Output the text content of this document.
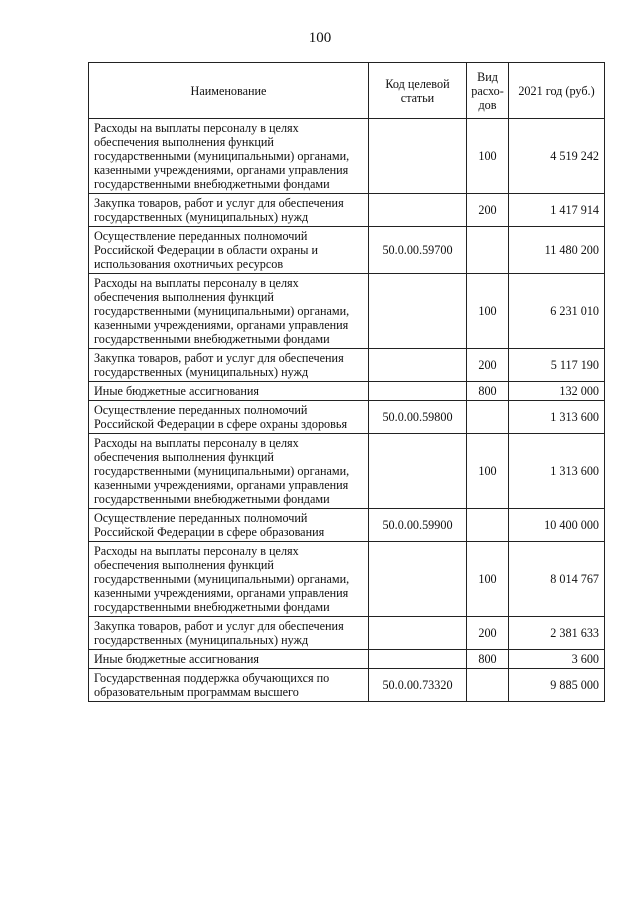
100
Наименование	Код целевой статьи	Вид расхо- дов	2021 год (руб.)
Расходы на выплаты персоналу в целях обеспечения выполнения функций государственными (муниципальными) органами, казенными учреждениями, органами управления государственными внебюджетными фондами		100	4 519 242
Закупка товаров, работ и услуг для обеспечения государственных (муниципальных) нужд		200	1 417 914
Осуществление переданных полномочий Российской Федерации в области охраны и использования охотничьих ресурсов	50.0.00.59700		11 480 200
Расходы на выплаты персоналу в целях обеспечения выполнения функций государственными (муниципальными) органами, казенными учреждениями, органами управления государственными внебюджетными фондами		100	6 231 010
Закупка товаров, работ и услуг для обеспечения государственных (муниципальных) нужд		200	5 117 190
Иные бюджетные ассигнования		800	132 000
Осуществление переданных полномочий Российской Федерации в сфере охраны здоровья	50.0.00.59800		1 313 600
Расходы на выплаты персоналу в целях обеспечения выполнения функций государственными (муниципальными) органами, казенными учреждениями, органами управления государственными внебюджетными фондами		100	1 313 600
Осуществление переданных полномочий Российской Федерации в сфере образования	50.0.00.59900		10 400 000
Расходы на выплаты персоналу в целях обеспечения выполнения функций государственными (муниципальными) органами, казенными учреждениями, органами управления государственными внебюджетными фондами		100	8 014 767
Закупка товаров, работ и услуг для обеспечения государственных (муниципальных) нужд		200	2 381 633
Иные бюджетные ассигнования		800	3 600
Государственная поддержка обучающихся по образовательным программам высшего	50.0.00.73320		9 885 000
